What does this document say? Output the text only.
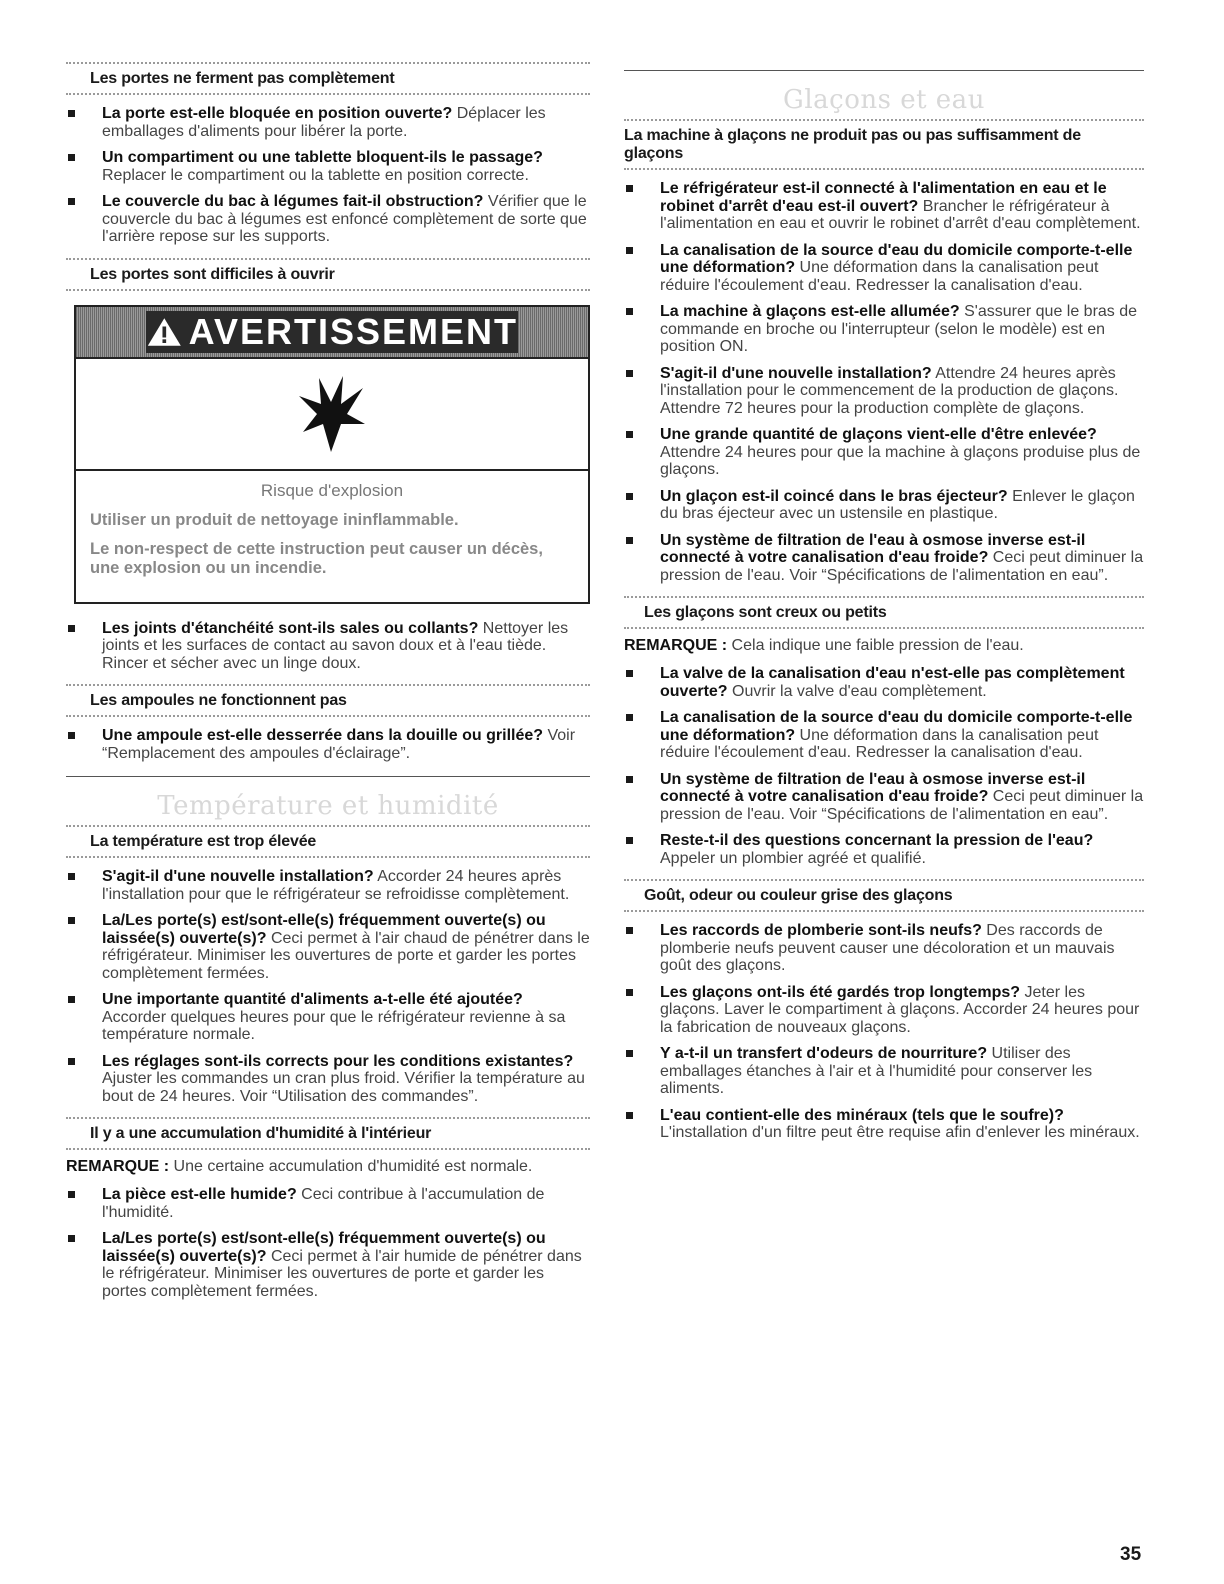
Les portes ne ferment pas complètement
La porte est-elle bloquée en position ouverte? Déplacer les emballages d'aliments pour libérer la porte.
Un compartiment ou une tablette bloquent-ils le passage? Replacer le compartiment ou la tablette en position correcte.
Le couvercle du bac à légumes fait-il obstruction? Vérifier que le couvercle du bac à légumes est enfoncé complètement de sorte que l'arrière repose sur les supports.
Les portes sont difficiles à ouvrir
AVERTISSEMENT
Risque d'explosion

Utiliser un produit de nettoyage ininflammable.

Le non-respect de cette instruction peut causer un décès, une explosion ou un incendie.

Les joints d'étanchéité sont-ils sales ou collants? Nettoyer les joints et les surfaces de contact au savon doux et à l'eau tiède. Rincer et sécher avec un linge doux.
Les ampoules ne fonctionnent pas
Une ampoule est-elle desserrée dans la douille ou grillée? Voir “Remplacement des ampoules d'éclairage”.
Température et humidité
La température est trop élevée
S'agit-il d'une nouvelle installation? Accorder 24 heures après l'installation pour que le réfrigérateur se refroidisse complètement.
La/Les porte(s) est/sont-elle(s) fréquemment ouverte(s) ou laissée(s) ouverte(s)? Ceci permet à l'air chaud de pénétrer dans le réfrigérateur. Minimiser les ouvertures de porte et garder les portes complètement fermées.
Une importante quantité d'aliments a-t-elle été ajoutée? Accorder quelques heures pour que le réfrigérateur revienne à sa température normale.
Les réglages sont-ils corrects pour les conditions existantes? Ajuster les commandes un cran plus froid. Vérifier la température au bout de 24 heures. Voir “Utilisation des commandes”.
Il y a une accumulation d'humidité à l'intérieur
REMARQUE : Une certaine accumulation d'humidité est normale.
La pièce est-elle humide? Ceci contribue à l'accumulation de l'humidité.
La/Les porte(s) est/sont-elle(s) fréquemment ouverte(s) ou laissée(s) ouverte(s)? Ceci permet à l'air humide de pénétrer dans le réfrigérateur. Minimiser les ouvertures de porte et garder les portes complètement fermées.
Glaçons et eau
La machine à glaçons ne produit pas ou pas suffisamment de glaçons
Le réfrigérateur est-il connecté à l'alimentation en eau et le robinet d'arrêt d'eau est-il ouvert? Brancher le réfrigérateur à l'alimentation en eau et ouvrir le robinet d'arrêt d'eau complètement.
La canalisation de la source d'eau du domicile comporte-t-elle une déformation? Une déformation dans la canalisation peut réduire l'écoulement d'eau. Redresser la canalisation d'eau.
La machine à glaçons est-elle allumée? S'assurer que le bras de commande en broche ou l'interrupteur (selon le modèle) est en position ON.
S'agit-il d'une nouvelle installation? Attendre 24 heures après l'installation pour le commencement de la production de glaçons. Attendre 72 heures pour la production complète de glaçons.
Une grande quantité de glaçons vient-elle d'être enlevée? Attendre 24 heures pour que la machine à glaçons produise plus de glaçons.
Un glaçon est-il coincé dans le bras éjecteur? Enlever le glaçon du bras éjecteur avec un ustensile en plastique.
Un système de filtration de l'eau à osmose inverse est-il connecté à votre canalisation d'eau froide? Ceci peut diminuer la pression de l'eau. Voir “Spécifications de l'alimentation en eau”.
Les glaçons sont creux ou petits
REMARQUE : Cela indique une faible pression de l'eau.
La valve de la canalisation d'eau n'est-elle pas complètement ouverte? Ouvrir la valve d'eau complètement.
La canalisation de la source d'eau du domicile comporte-t-elle une déformation? Une déformation dans la canalisation peut réduire l'écoulement d'eau. Redresser la canalisation d'eau.
Un système de filtration de l'eau à osmose inverse est-il connecté à votre canalisation d'eau froide? Ceci peut diminuer la pression de l'eau. Voir “Spécifications de l'alimentation en eau”.
Reste-t-il des questions concernant la pression de l'eau? Appeler un plombier agréé et qualifié.
Goût, odeur ou couleur grise des glaçons
Les raccords de plomberie sont-ils neufs? Des raccords de plomberie neufs peuvent causer une décoloration et un mauvais goût des glaçons.
Les glaçons ont-ils été gardés trop longtemps? Jeter les glaçons. Laver le compartiment à glaçons. Accorder 24 heures pour la fabrication de nouveaux glaçons.
Y a-t-il un transfert d'odeurs de nourriture? Utiliser des emballages étanches à l'air et à l'humidité pour conserver les aliments.
L'eau contient-elle des minéraux (tels que le soufre)? L'installation d'un filtre peut être requise afin d'enlever les minéraux.
35
